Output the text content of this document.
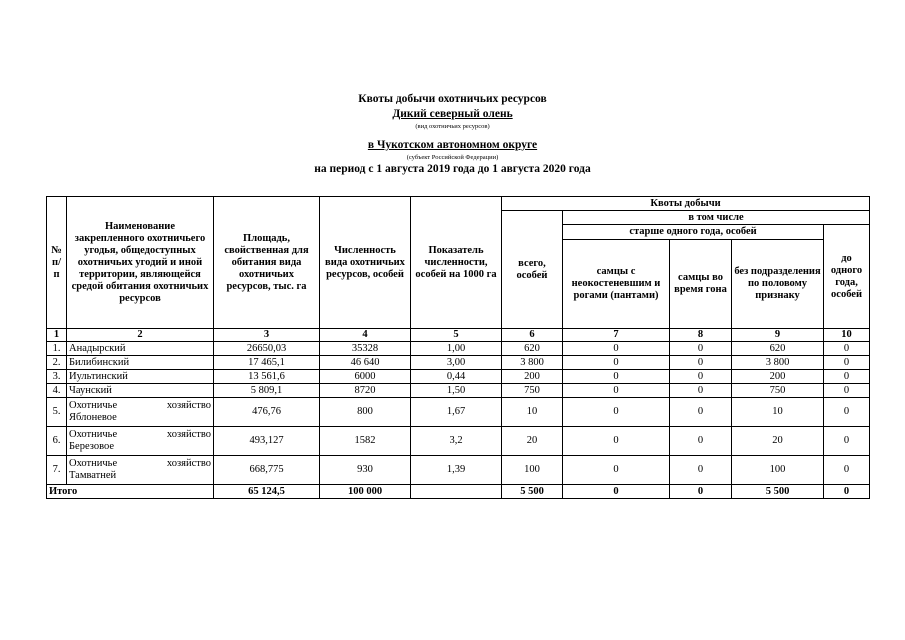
Квоты добычи охотничьих ресурсов
Дикий северный олень
(вид охотничьих ресурсов)
в Чукотском автономном округе
(субъект Российской Федерации)
на период с 1 августа 2019 года до 1 августа 2020 года
№ п/п	Наименование закрепленного охотничьего угодья, общедоступных охотничьих угодий и иной территории, являющейся средой обитания охотничьих ресурсов	Площадь, свойственная для обитания вида охотничьих ресурсов, тыс. га	Численность вида охотничьих ресурсов, особей	Показатель численности, особей на 1000 га	Квоты добычи				
					всего, особей	в том числе			
						старше одного года, особей			до одного года, особей
						самцы с неокостеневшим и рогами (пантами)	самцы во время гона	без подразделения по половому признаку	
1	2	3	4	5	6	7	8	9	10
1.	Анадырский	26650,03	35328	1,00	620	0	0	620	0
2.	Билибинский	17 465,1	46 640	3,00	3 800	0	0	3 800	0
3.	Иультинский	13 561,6	6000	0,44	200	0	0	200	0
4.	Чаунский	5 809,1	8720	1,50	750	0	0	750	0
5.	Охотничье хозяйство
Яблоневое	476,76	800	1,67	10	0	0	10	0
6.	Охотничье хозяйство
Березовое	493,127	1582	3,2	20	0	0	20	0
7.	Охотничье хозяйство
Тамватней	668,775	930	1,39	100	0	0	100	0
Итого		65 124,5	100 000		5 500	0	0	5 500	0
